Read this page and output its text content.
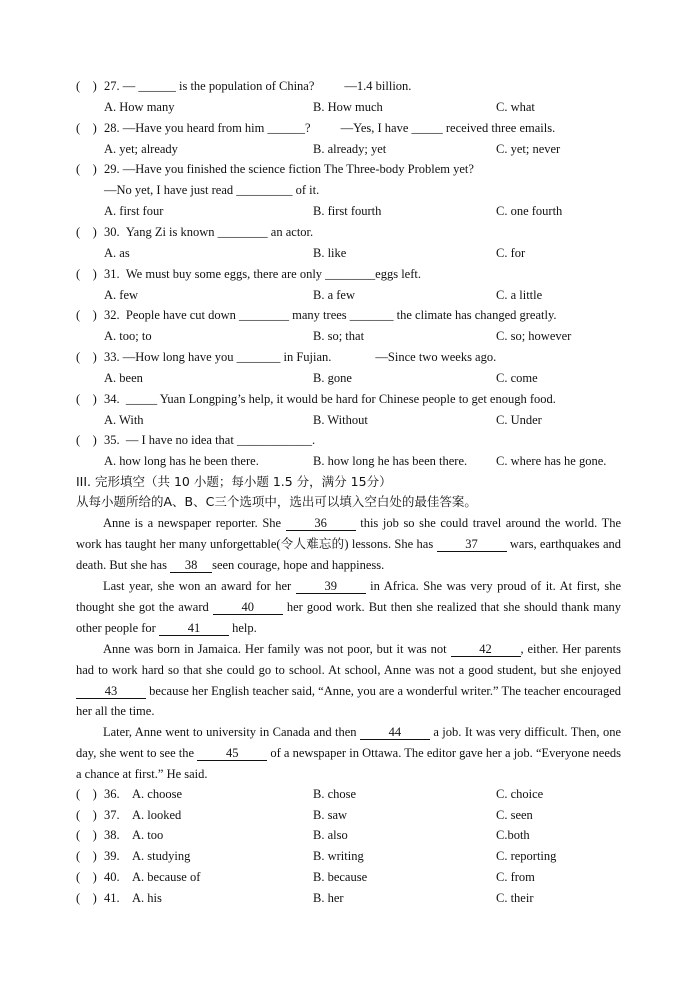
(    ) 27. — ______ is the population of China? —1.4 billion.
A. How many	B. How much	C. what
(    ) 28. —Have you heard from him ______? —Yes, I have _____ received three emails.
A. yet; already	B. already; yet	C. yet; never
(    ) 29. —Have you finished the science fiction The Three-body Problem yet?
—No yet, I have just read _________ of it.
A. first four	B. first fourth	C. one fourth
(    ) 30.  Yang Zi is known ________ an actor.
A. as	B. like	C. for
(    ) 31.  We must buy some eggs, there are only ________eggs left.
A. few	B. a few	C. a little
(    ) 32.  People have cut down ________ many trees _______ the climate has changed greatly.
A. too; to	B. so; that	C. so; however
(    ) 33. —How long have you _______ in Fujian.	—Since two weeks ago.
A. been	B. gone	C. come
(    ) 34.  _____ Yuan Longping’s help, it would be hard for Chinese people to get enough food.
A. With	B. Without	C. Under
(    ) 35.  — I have no idea that ____________.
A. how long has he been there.	B. how long he has been there. C. where has he gone.
III. 完形填空（共 10 小题；每小题 1.5 分，满分 15分）
从每小题所给的A、B、C三个选项中，选出可以填入空白处的最佳答案。
Anne is a newspaper reporter. She 36 this job so she could travel around the world. The work has taught her many unforgettable(令人难忘的) lessons. She has 37 wars, earthquakes and death. But she has 38 seen courage, hope and happiness.
Last year, she won an award for her 39 in Africa. She was very proud of it. At first, she thought she got the award 40 her good work. But then she realized that she should thank many other people for 41 help.
Anne was born in Jamaica. Her family was not poor, but it was not 42 , either. Her parents had to work hard so that she could go to school. At school, Anne was not a good student, but she enjoyed 43 because her English teacher said, “Anne, you are a wonderful writer.” The teacher encouraged her all the time.
Later, Anne went to university in Canada and then 44 a job. It was very difficult. Then, one day, she went to see the 45 of a newspaper in Ottawa. The editor gave her a job. “Everyone needs a chance at first.” He said.
(    ) 36. A. choose	B. chose	C. choice
(    ) 37. A. looked	B. saw	C. seen
(    ) 38. A. too	B. also	C.both
(    ) 39. A. studying	B. writing	C. reporting
(    ) 40. A. because of	B. because	C. from
(    ) 41. A. his	B. her	C. their
